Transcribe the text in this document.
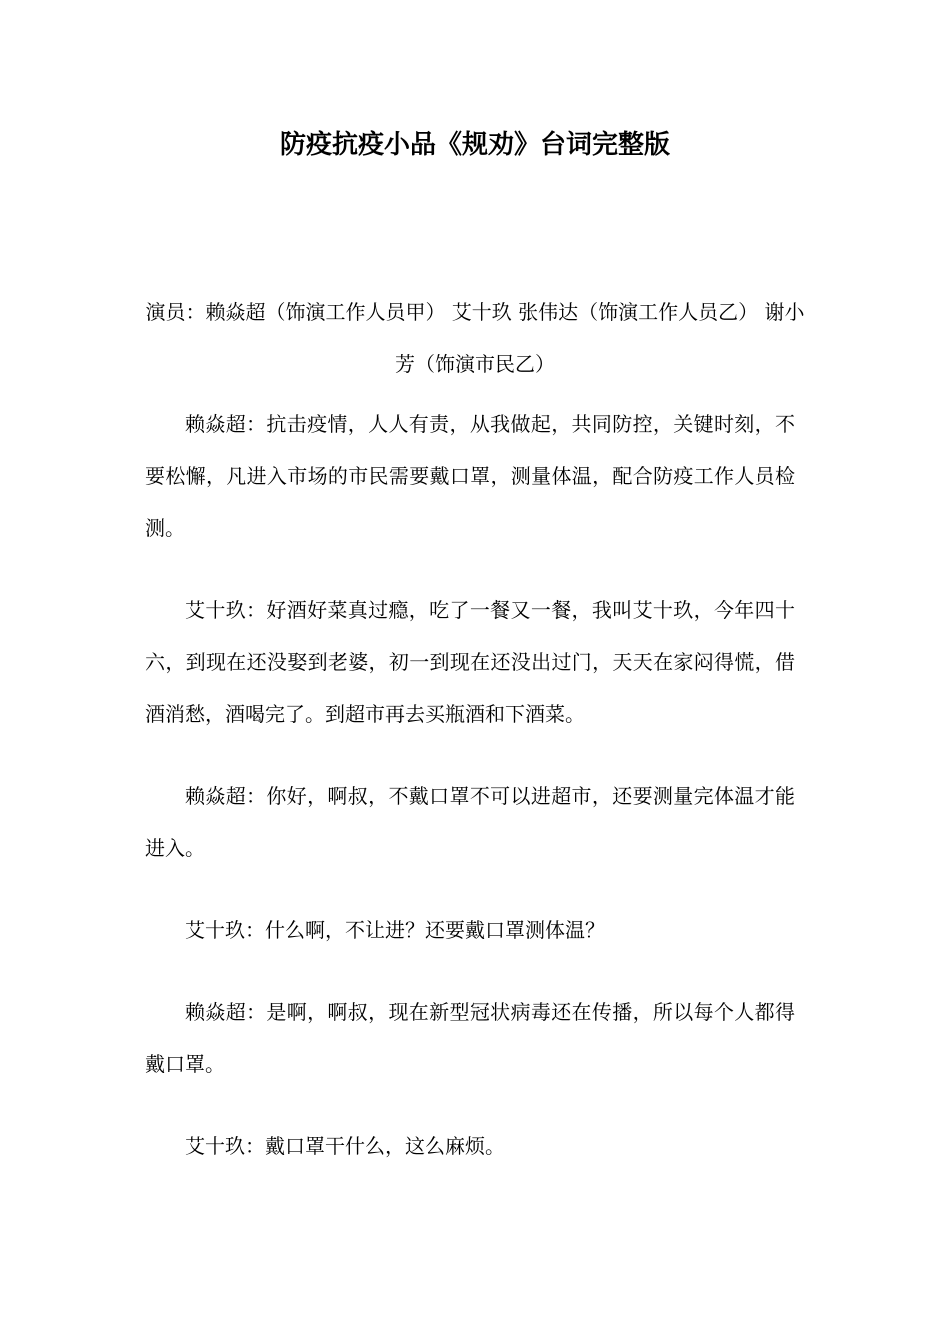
防疫抗疫小品《规劝》台词完整版

演员：赖焱超（饰演工作人员甲） 艾十玖 张伟达（饰演工作人员乙） 谢小芳（饰演市民乙）

赖焱超：抗击疫情，人人有责，从我做起，共同防控，关键时刻，不要松懈，凡进入市场的市民需要戴口罩，测量体温，配合防疫工作人员检测。

艾十玖：好酒好菜真过瘾，吃了一餐又一餐，我叫艾十玖，今年四十六，到现在还没娶到老婆，初一到现在还没出过门，天天在家闷得慌，借酒消愁，酒喝完了。到超市再去买瓶酒和下酒菜。

赖焱超：你好，啊叔，不戴口罩不可以进超市，还要测量完体温才能进入。

艾十玖：什么啊，不让进？还要戴口罩测体温？

赖焱超：是啊，啊叔，现在新型冠状病毒还在传播，所以每个人都得戴口罩。

艾十玖：戴口罩干什么，这么麻烦。
